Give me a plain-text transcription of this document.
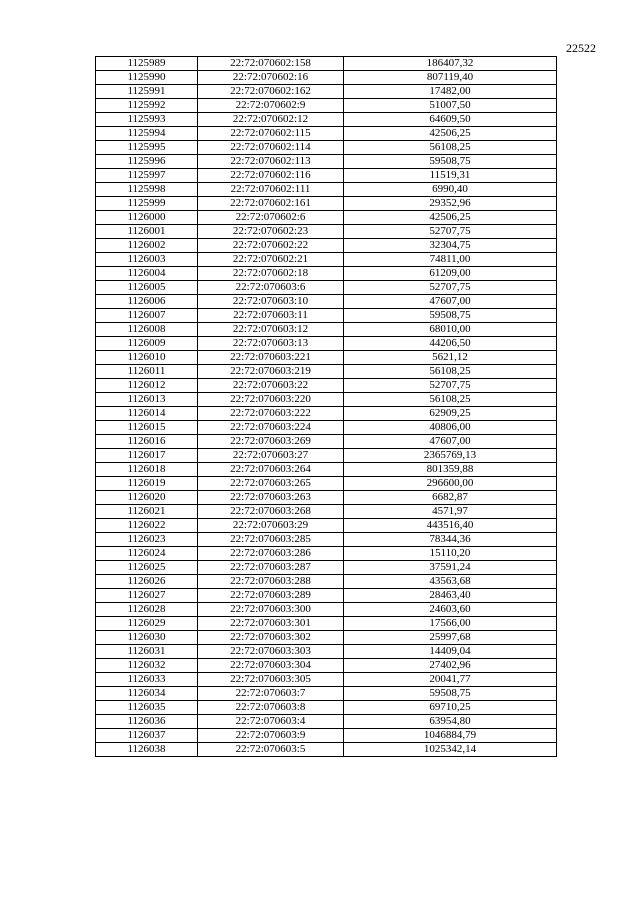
22522
1125989	22:72:070602:158	186407,32
1125990	22:72:070602:16	807119,40
1125991	22:72:070602:162	17482,00
1125992	22:72:070602:9	51007,50
1125993	22:72:070602:12	64609,50
1125994	22:72:070602:115	42506,25
1125995	22:72:070602:114	56108,25
1125996	22:72:070602:113	59508,75
1125997	22:72:070602:116	11519,31
1125998	22:72:070602:111	6990,40
1125999	22:72:070602:161	29352,96
1126000	22:72:070602:6	42506,25
1126001	22:72:070602:23	52707,75
1126002	22:72:070602:22	32304,75
1126003	22:72:070602:21	74811,00
1126004	22:72:070602:18	61209,00
1126005	22:72:070603:6	52707,75
1126006	22:72:070603:10	47607,00
1126007	22:72:070603:11	59508,75
1126008	22:72:070603:12	68010,00
1126009	22:72:070603:13	44206,50
1126010	22:72:070603:221	5621,12
1126011	22:72:070603:219	56108,25
1126012	22:72:070603:22	52707,75
1126013	22:72:070603:220	56108,25
1126014	22:72:070603:222	62909,25
1126015	22:72:070603:224	40806,00
1126016	22:72:070603:269	47607,00
1126017	22:72:070603:27	2365769,13
1126018	22:72:070603:264	801359,88
1126019	22:72:070603:265	296600,00
1126020	22:72:070603:263	6682,87
1126021	22:72:070603:268	4571,97
1126022	22:72:070603:29	443516,40
1126023	22:72:070603:285	78344,36
1126024	22:72:070603:286	15110,20
1126025	22:72:070603:287	37591,24
1126026	22:72:070603:288	43563,68
1126027	22:72:070603:289	28463,40
1126028	22:72:070603:300	24603,60
1126029	22:72:070603:301	17566,00
1126030	22:72:070603:302	25997,68
1126031	22:72:070603:303	14409,04
1126032	22:72:070603:304	27402,96
1126033	22:72:070603:305	20041,77
1126034	22:72:070603:7	59508,75
1126035	22:72:070603:8	69710,25
1126036	22:72:070603:4	63954,80
1126037	22:72:070603:9	1046884,79
1126038	22:72:070603:5	1025342,14
